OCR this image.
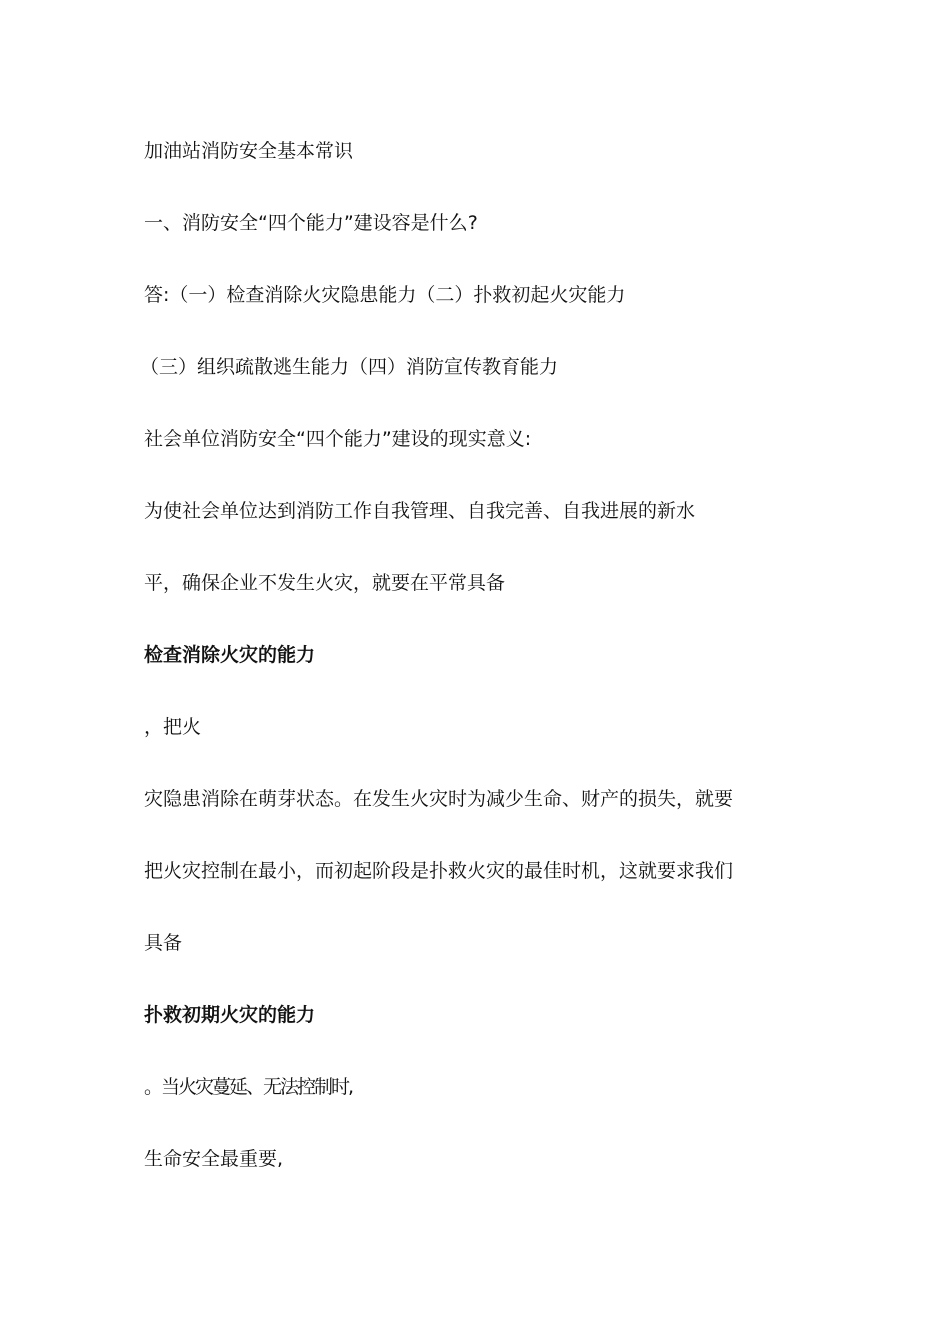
加油站消防安全基本常识

一、消防安全“四个能力”建设容是什么?

答:（一）检查消除火灾隐患能力（二）扑救初起火灾能力

（三）组织疏散逃生能力（四）消防宣传教育能力

社会单位消防安全“四个能力”建设的现实意义:

为使社会单位达到消防工作自我管理、自我完善、自我进展的新水

平，确保企业不发生火灾，就要在平常具备

检查消除火灾的能力

，把火

灾隐患消除在萌芽状态。在发生火灾时为减少生命、财产的损失，就要

把火灾控制在最小，而初起阶段是扑救火灾的最佳时机，这就要求我们

具备

扑救初期火灾的能力

。当火灾蔓延、无法控制时,

生命安全最重要,
